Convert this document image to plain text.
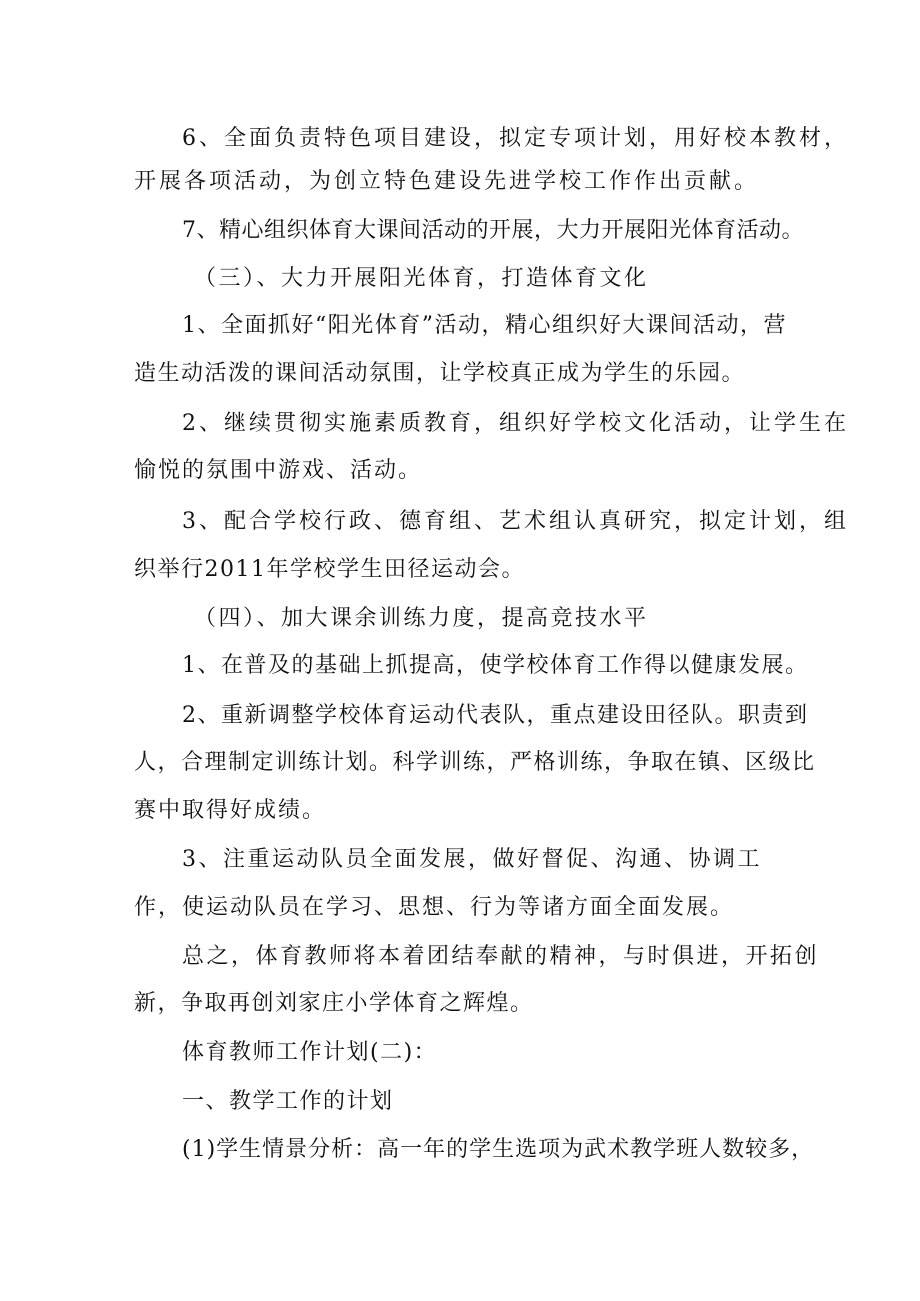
6、全面负责特色项目建设，拟定专项计划，用好校本教材，
开展各项活动，为创立特色建设先进学校工作作出贡献。
7、精心组织体育大课间活动的开展，大力开展阳光体育活动。
（三）、大力开展阳光体育，打造体育文化
1、全面抓好“阳光体育”活动，精心组织好大课间活动，营
造生动活泼的课间活动氛围，让学校真正成为学生的乐园。
2、继续贯彻实施素质教育，组织好学校文化活动，让学生在
愉悦的氛围中游戏、活动。
3、配合学校行政、德育组、艺术组认真研究，拟定计划，组
织举行2011年学校学生田径运动会。
（四）、加大课余训练力度，提高竞技水平
1、在普及的基础上抓提高，使学校体育工作得以健康发展。
2、重新调整学校体育运动代表队，重点建设田径队。职责到
人，合理制定训练计划。科学训练，严格训练，争取在镇、区级比
赛中取得好成绩。
3、注重运动队员全面发展，做好督促、沟通、协调工
作，使运动队员在学习、思想、行为等诸方面全面发展。
总之，体育教师将本着团结奉献的精神，与时俱进，开拓创
新，争取再创刘家庄小学体育之辉煌。
体育教师工作计划(二)：
一、教学工作的计划
(1)学生情景分析：高一年的学生选项为武术教学班人数较多，
